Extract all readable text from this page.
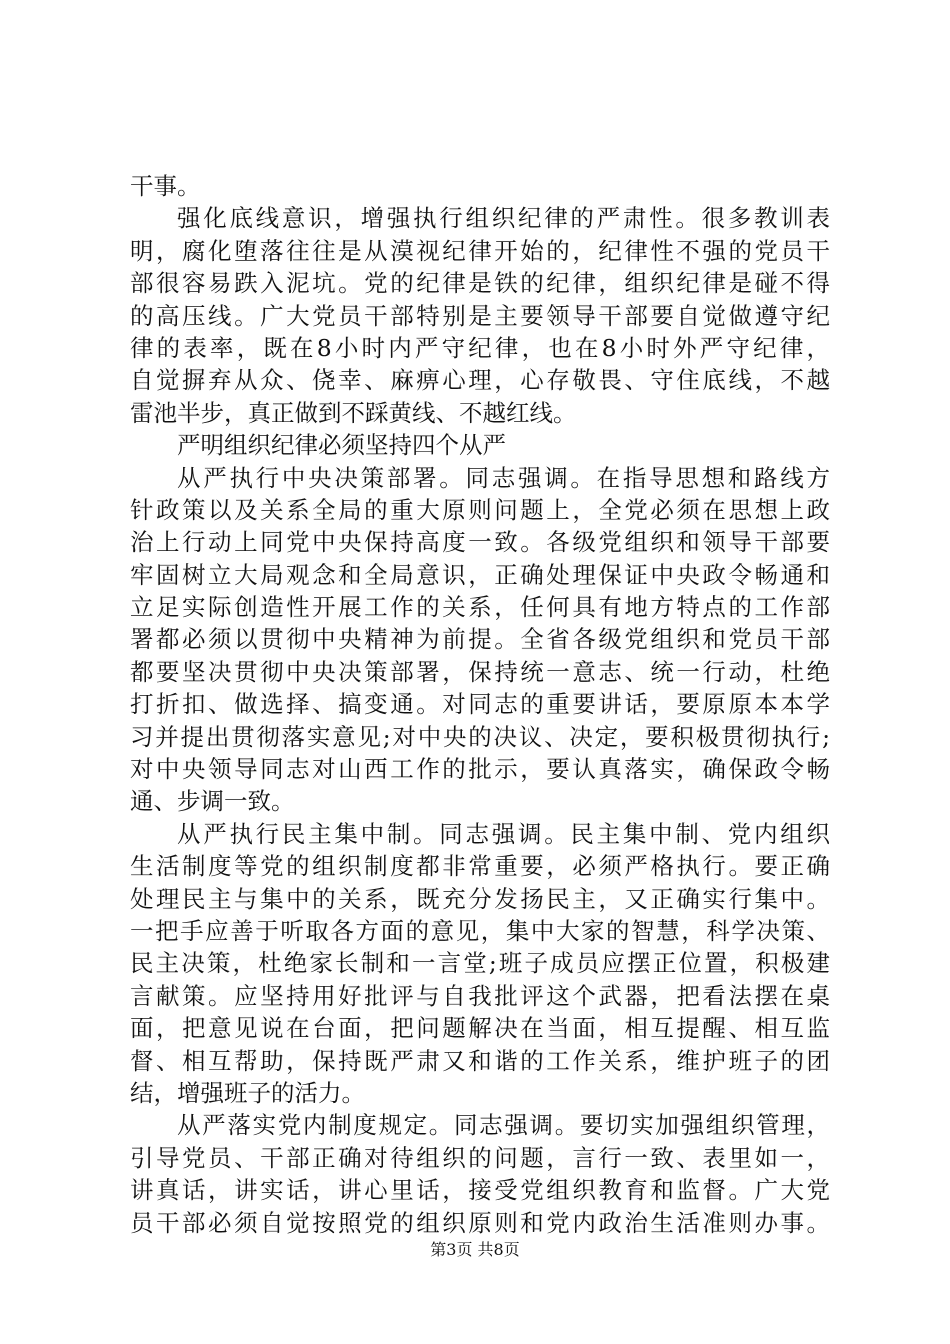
干事。
强化底线意识，增强执行组织纪律的严肃性。很多教训表
明，腐化堕落往往是从漠视纪律开始的，纪律性不强的党员干
部很容易跌入泥坑。党的纪律是铁的纪律，组织纪律是碰不得
的高压线。广大党员干部特别是主要领导干部要自觉做遵守纪
律的表率，既在8小时内严守纪律，也在8小时外严守纪律，
自觉摒弃从众、侥幸、麻痹心理，心存敬畏、守住底线，不越
雷池半步，真正做到不踩黄线、不越红线。
严明组织纪律必须坚持四个从严
从严执行中央决策部署。同志强调。在指导思想和路线方
针政策以及关系全局的重大原则问题上，全党必须在思想上政
治上行动上同党中央保持高度一致。各级党组织和领导干部要
牢固树立大局观念和全局意识，正确处理保证中央政令畅通和
立足实际创造性开展工作的关系，任何具有地方特点的工作部
署都必须以贯彻中央精神为前提。全省各级党组织和党员干部
都要坚决贯彻中央决策部署，保持统一意志、统一行动，杜绝
打折扣、做选择、搞变通。对同志的重要讲话，要原原本本学
习并提出贯彻落实意见;对中央的决议、决定，要积极贯彻执行;
对中央领导同志对山西工作的批示，要认真落实，确保政令畅
通、步调一致。
从严执行民主集中制。同志强调。民主集中制、党内组织
生活制度等党的组织制度都非常重要，必须严格执行。要正确
处理民主与集中的关系，既充分发扬民主，又正确实行集中。
一把手应善于听取各方面的意见，集中大家的智慧，科学决策、
民主决策，杜绝家长制和一言堂;班子成员应摆正位置，积极建
言献策。应坚持用好批评与自我批评这个武器，把看法摆在桌
面，把意见说在台面，把问题解决在当面，相互提醒、相互监
督、相互帮助，保持既严肃又和谐的工作关系，维护班子的团
结，增强班子的活力。
从严落实党内制度规定。同志强调。要切实加强组织管理，
引导党员、干部正确对待组织的问题，言行一致、表里如一，
讲真话，讲实话，讲心里话，接受党组织教育和监督。广大党
员干部必须自觉按照党的组织原则和党内政治生活准则办事。
第3页 共8页
